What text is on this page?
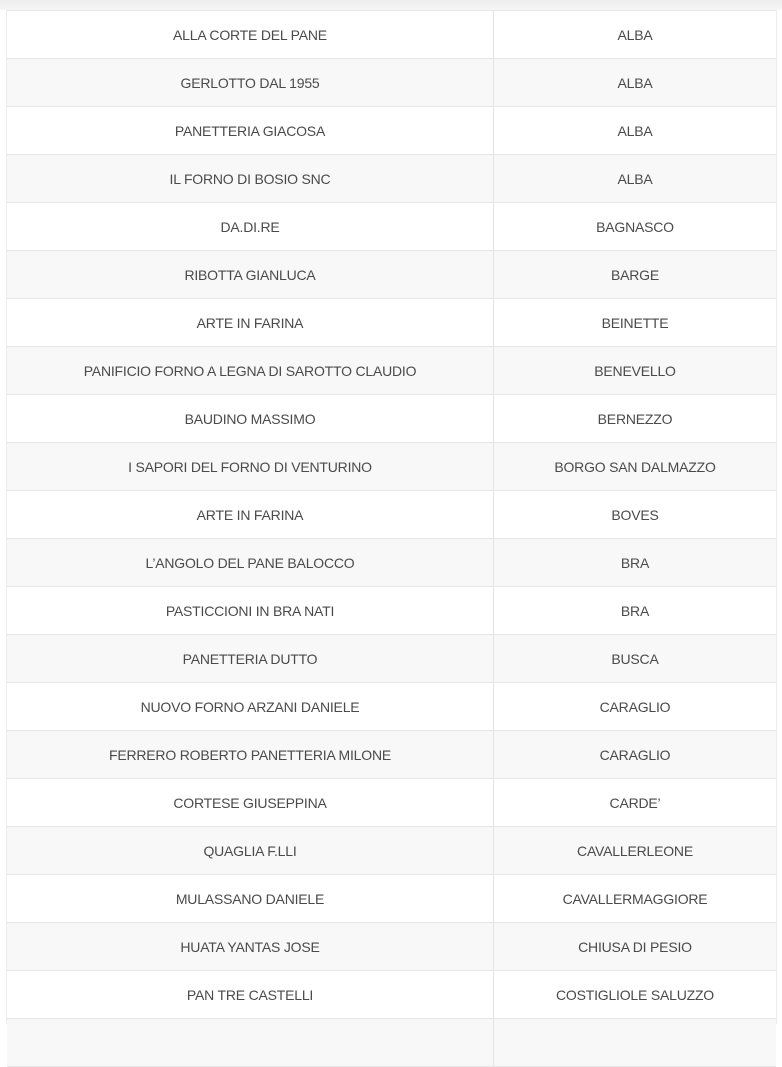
ALLA CORTE DEL PANE	ALBA
GERLOTTO DAL 1955	ALBA
PANETTERIA GIACOSA	ALBA
IL FORNO DI BOSIO SNC	ALBA
DA.DI.RE	BAGNASCO
RIBOTTA GIANLUCA	BARGE
ARTE IN FARINA	BEINETTE
PANIFICIO FORNO A LEGNA DI SAROTTO CLAUDIO	BENEVELLO
BAUDINO MASSIMO	BERNEZZO
I SAPORI DEL FORNO DI VENTURINO	BORGO SAN DALMAZZO
ARTE IN FARINA	BOVES
L’ANGOLO DEL PANE BALOCCO	BRA
PASTICCIONI IN BRA NATI	BRA
PANETTERIA DUTTO	BUSCA
NUOVO FORNO ARZANI DANIELE	CARAGLIO
FERRERO ROBERTO PANETTERIA MILONE	CARAGLIO
CORTESE GIUSEPPINA	CARDE’
QUAGLIA F.LLI	CAVALLERLEONE
MULASSANO DANIELE	CAVALLERMAGGIORE
HUATA YANTAS JOSE	CHIUSA DI PESIO
PAN TRE CASTELLI	COSTIGLIOLE SALUZZO
